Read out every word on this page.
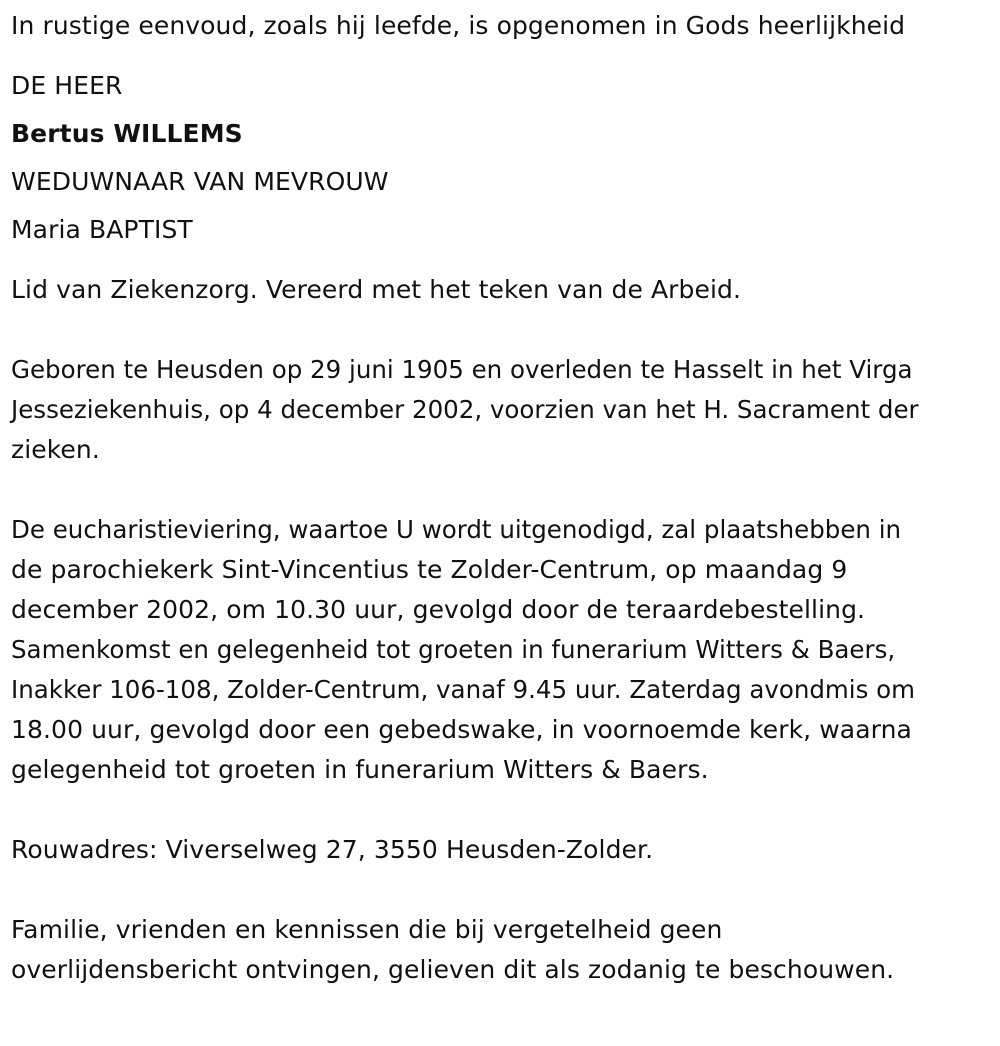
In rustige eenvoud, zoals hij leefde, is opgenomen in Gods heerlijkheid
DE HEER
Bertus WILLEMS
WEDUWNAAR VAN MEVROUW
Maria BAPTIST
Lid van Ziekenzorg. Vereerd met het teken van de Arbeid.
Geboren te Heusden op 29 juni 1905 en overleden te Hasselt in het Virga
Jesseziekenhuis, op 4 december 2002, voorzien van het H. Sacrament der
zieken.
De eucharistieviering, waartoe U wordt uitgenodigd, zal plaatshebben in
de parochiekerk Sint-Vincentius te Zolder-Centrum, op maandag 9
december 2002, om 10.30 uur, gevolgd door de teraardebestelling.
Samenkomst en gelegenheid tot groeten in funerarium Witters & Baers,
Inakker 106-108, Zolder-Centrum, vanaf 9.45 uur. Zaterdag avondmis om
18.00 uur, gevolgd door een gebedswake, in voornoemde kerk, waarna
gelegenheid tot groeten in funerarium Witters & Baers.
Rouwadres: Viverselweg 27, 3550 Heusden-Zolder.
Familie, vrienden en kennissen die bij vergetelheid geen
overlijdensbericht ontvingen, gelieven dit als zodanig te beschouwen.
